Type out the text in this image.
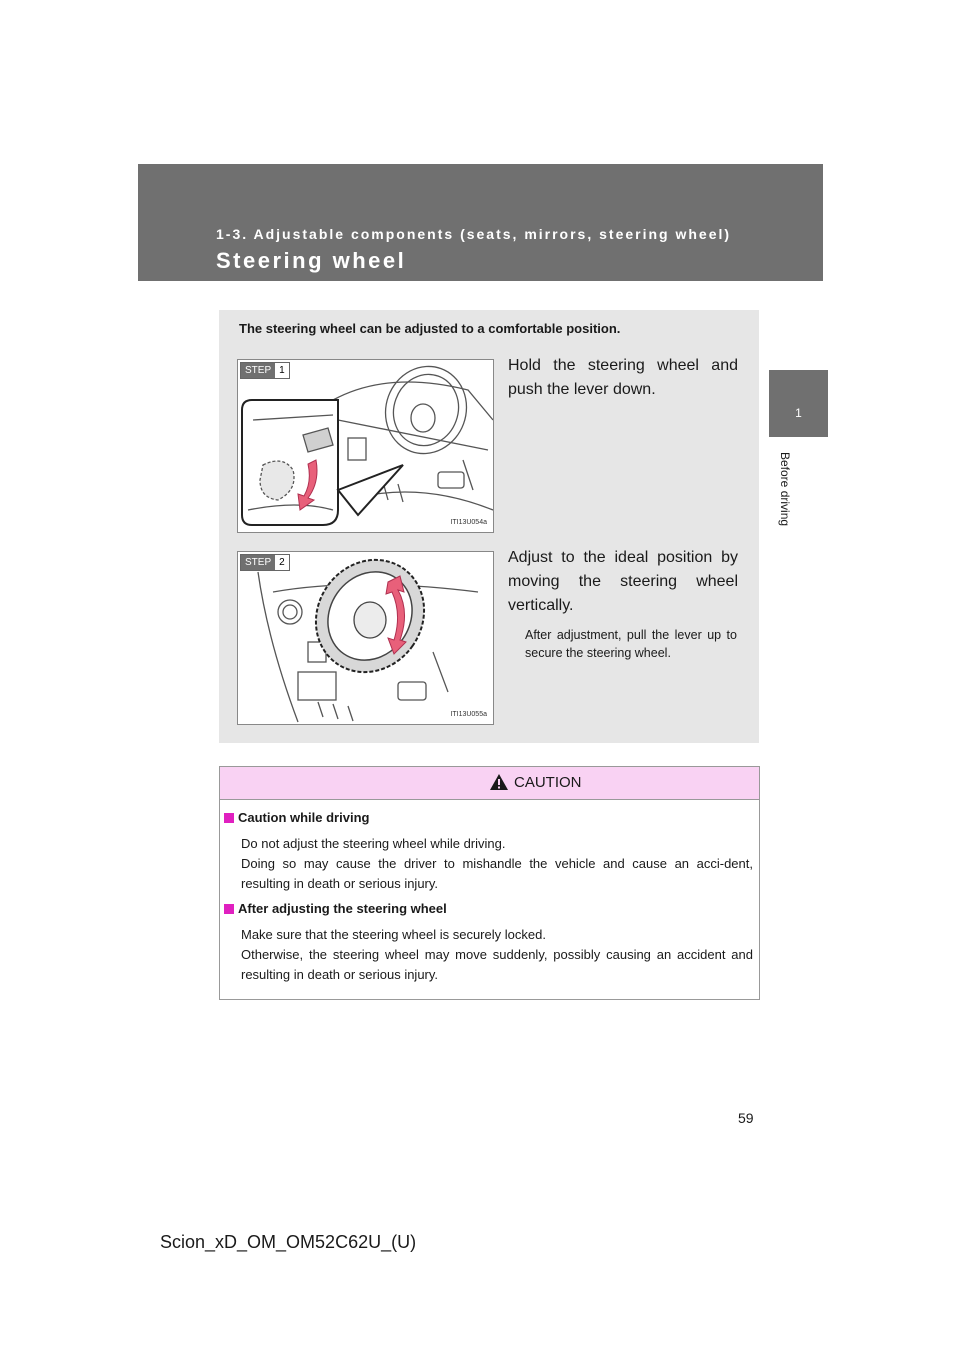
1-3. Adjustable components (seats, mirrors, steering wheel)
Steering wheel
1
Before driving
The steering wheel can be adjusted to a comfortable position.
STEP 1
ITI13U054a
Hold the steering wheel and push the lever down.
STEP 2
ITI13U055a
Adjust to the ideal position by moving the steering wheel vertically.
After adjustment, pull the lever up to secure the steering wheel.
CAUTION
Caution while driving
Do not adjust the steering wheel while driving.
Doing so may cause the driver to mishandle the vehicle and cause an acci-dent, resulting in death or serious injury.
After adjusting the steering wheel
Make sure that the steering wheel is securely locked.
Otherwise, the steering wheel may move suddenly, possibly causing an accident and resulting in death or serious injury.
59
Scion_xD_OM_OM52C62U_(U)
